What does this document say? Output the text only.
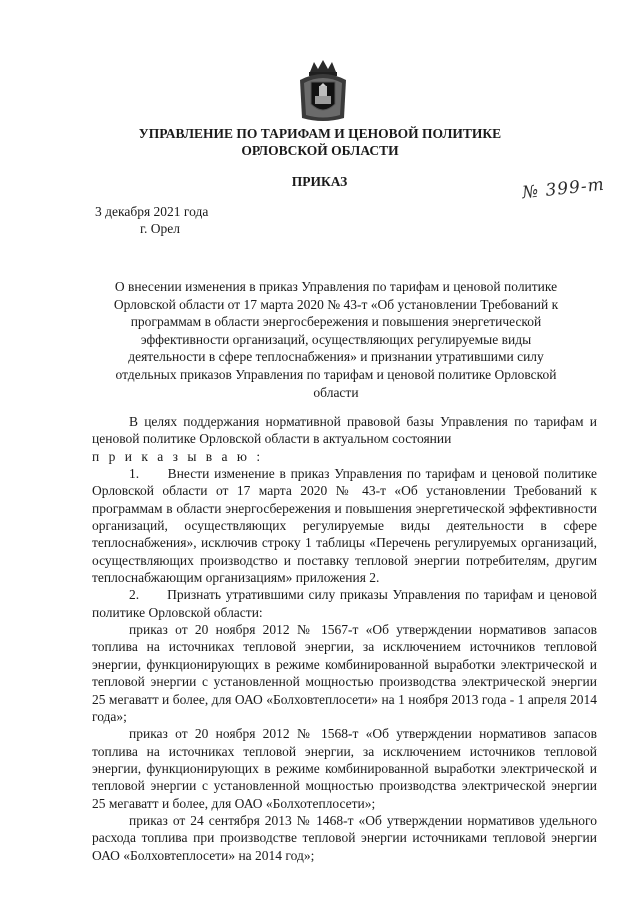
УПРАВЛЕНИЕ ПО ТАРИФАМ И ЦЕНОВОЙ ПОЛИТИКЕ
ОРЛОВСКОЙ ОБЛАСТИ
ПРИКАЗ	№ 399-т
3 декабря 2021 года
г. Орел
О внесении изменения в приказ Управления по тарифам и ценовой политике
Орловской области от 17 марта 2020 № 43-т «Об установлении Требований к
программам в области энергосбережения и повышения энергетической
эффективности организаций, осуществляющих регулируемые виды
деятельности в сфере теплоснабжения» и признании утратившими силу
отдельных приказов Управления по тарифам и ценовой политике Орловской
области

В целях поддержания нормативной правовой базы Управления по тарифам и ценовой политике Орловской области в актуальном состоянии

п р и к а з ы в а ю :

1.      Внести изменение в приказ Управления по тарифам и ценовой политике Орловской области от 17 марта 2020 № 43-т «Об установлении Требований к программам в области энергосбережения и повышения энергетической эффективности организаций, осуществляющих регулируемые виды деятельности в сфере теплоснабжения», исключив строку 1 таблицы «Перечень регулируемых организаций, осуществляющих производство и поставку тепловой энергии потребителям, другим теплоснабжающим организациям» приложения 2.

2.      Признать утратившими силу приказы Управления по тарифам и ценовой политике Орловской области:

приказ от 20 ноября 2012 № 1567-т «Об утверждении нормативов запасов топлива на источниках тепловой энергии, за исключением источников тепловой энергии, функционирующих в режиме комбинированной выработки электрической и тепловой энергии с установленной мощностью производства электрической энергии 25 мегаватт и более, для ОАО «Болховтеплосети» на 1 ноября 2013 года - 1 апреля 2014 года»;

приказ от 20 ноября 2012 № 1568-т «Об утверждении нормативов запасов топлива на источниках тепловой энергии, за исключением источников тепловой энергии, функционирующих в режиме комбинированной выработки электрической и тепловой энергии с установленной мощностью производства электрической энергии 25 мегаватт и более, для ОАО «Болхотеплосети»;

приказ от 24 сентября 2013 № 1468-т «Об утверждении нормативов удельного расхода топлива при производстве тепловой энергии источниками тепловой энергии ОАО «Болховтеплосети» на 2014 год»;
